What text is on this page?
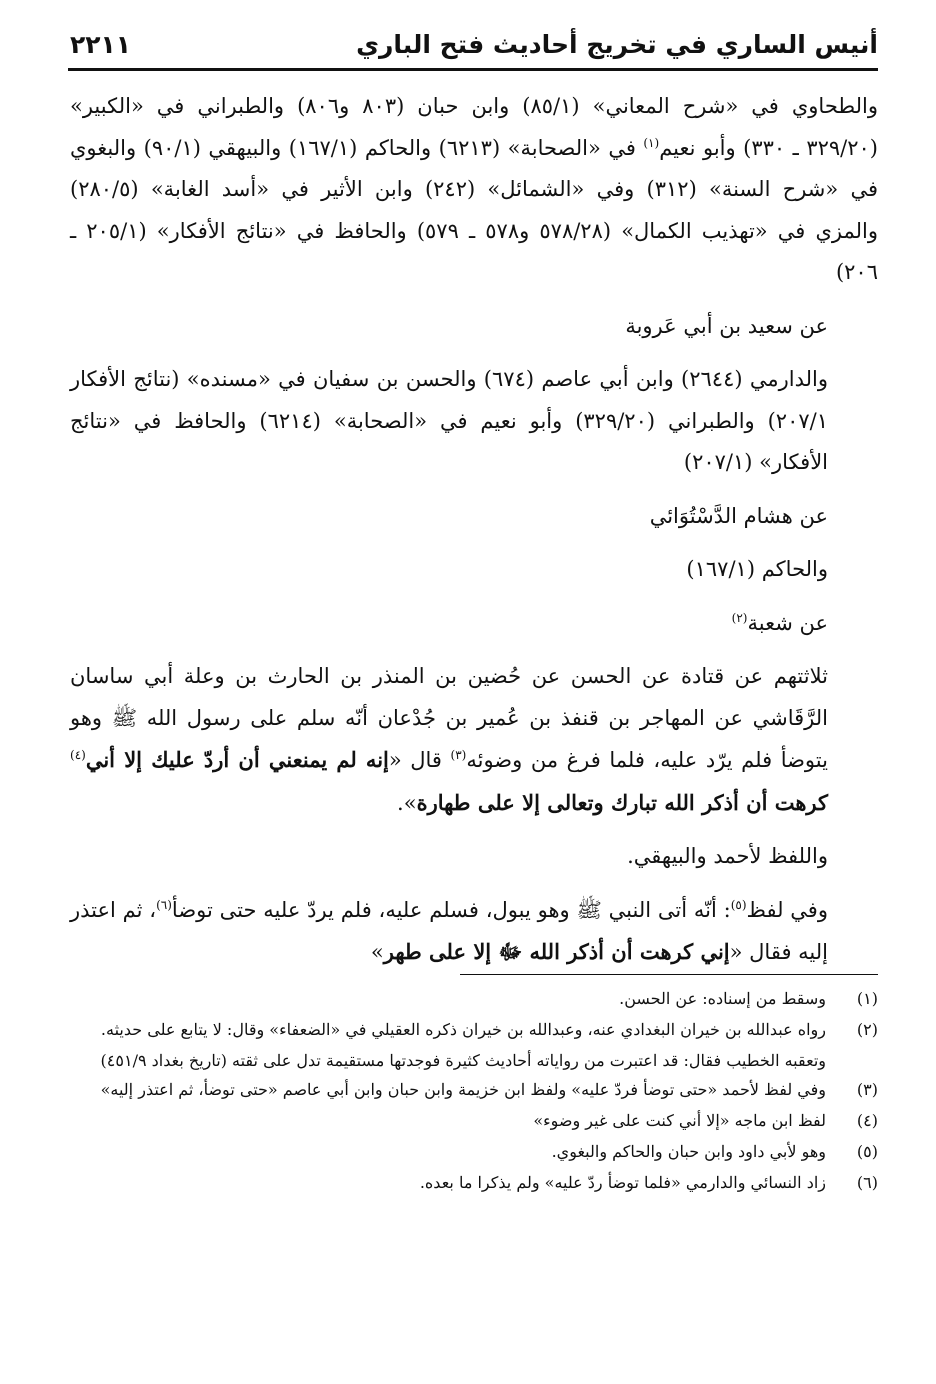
أنيس الساري في تخريج أحاديث فتح الباري
٢٢١١

والطحاوي في «شرح المعاني» (٨٥/١) وابن حبان (٨٠٣ و٨٠٦) والطبراني في «الكبير» (٣٢٩/٢٠ ـ ٣٣٠) وأبو نعيم$^{(١)}$ في «الصحابة» (٦٢١٣) والحاكم (١٦٧/١) والبيهقي (٩٠/١) والبغوي في «شرح السنة» (٣١٢) وفي «الشمائل» (٢٤٢) وابن الأثير في «أسد الغابة» (٢٨٠/٥) والمزي في «تهذيب الكمال» (٥٧٨/٢٨ و٥٧٨ ـ ٥٧٩) والحافظ في «نتائج الأفكار» (٢٠٥/١ ـ ٢٠٦)

عن سعيد بن أبي عَروبة

والدارمي (٢٦٤٤) وابن أبي عاصم (٦٧٤) والحسن بن سفيان في «مسنده» (نتائج الأفكار ٢٠٧/١) والطبراني (٣٢٩/٢٠) وأبو نعيم في «الصحابة» (٦٢١٤) والحافظ في «نتائج الأفكار» (٢٠٧/١)

عن هشام الدَّسْتُوَائي

والحاكم (١٦٧/١)

عن شعبة$^{(٢)}$

ثلاثتهم عن قتادة عن الحسن عن حُضين بن المنذر بن الحارث بن وعلة أبي ساسان الرَّقَاشي عن المهاجر بن قنفذ بن عُمير بن جُدْعان أنّه سلم على رسول الله ﷺ وهو يتوضأ فلم يرّد عليه، فلما فرغ من وضوئه$^{(٣)}$ قال «إنه لم يمنعني أن أردّ عليك إلا أني$^{(٤)}$ كرهت أن أذكر الله تبارك وتعالى إلا على طهارة».

واللفظ لأحمد والبيهقي.

وفي لفظ$^{(٥)}$: أنّه أتى النبي ﷺ وهو يبول، فسلم عليه، فلم يردّ عليه حتى توضأ$^{(٦)}$، ثم اعتذر إليه فقال «إني كرهت أن أذكر الله ﷻ إلا على طهر»

(١)
وسقط من إسناده: عن الحسن.
(٢)
رواه عبدالله بن خيران البغدادي عنه، وعبدالله بن خيران ذكره العقيلي في «الضعفاء» وقال: لا يتابع على حديثه.
وتعقبه الخطيب فقال: قد اعتبرت من رواياته أحاديث كثيرة فوجدتها مستقيمة تدل على ثقته (تاريخ بغداد ٤٥١/٩)
(٣)
وفي لفظ لأحمد «حتى توضأ فردّ عليه» ولفظ ابن خزيمة وابن حبان وابن أبي عاصم «حتى توضأ، ثم اعتذر إليه»
(٤)
لفظ ابن ماجه «إلا أني كنت على غير وضوء»
(٥)
وهو لأبي داود وابن حبان والحاكم والبغوي.
(٦)
زاد النسائي والدارمي «فلما توضأ ردّ عليه» ولم يذكرا ما بعده.
